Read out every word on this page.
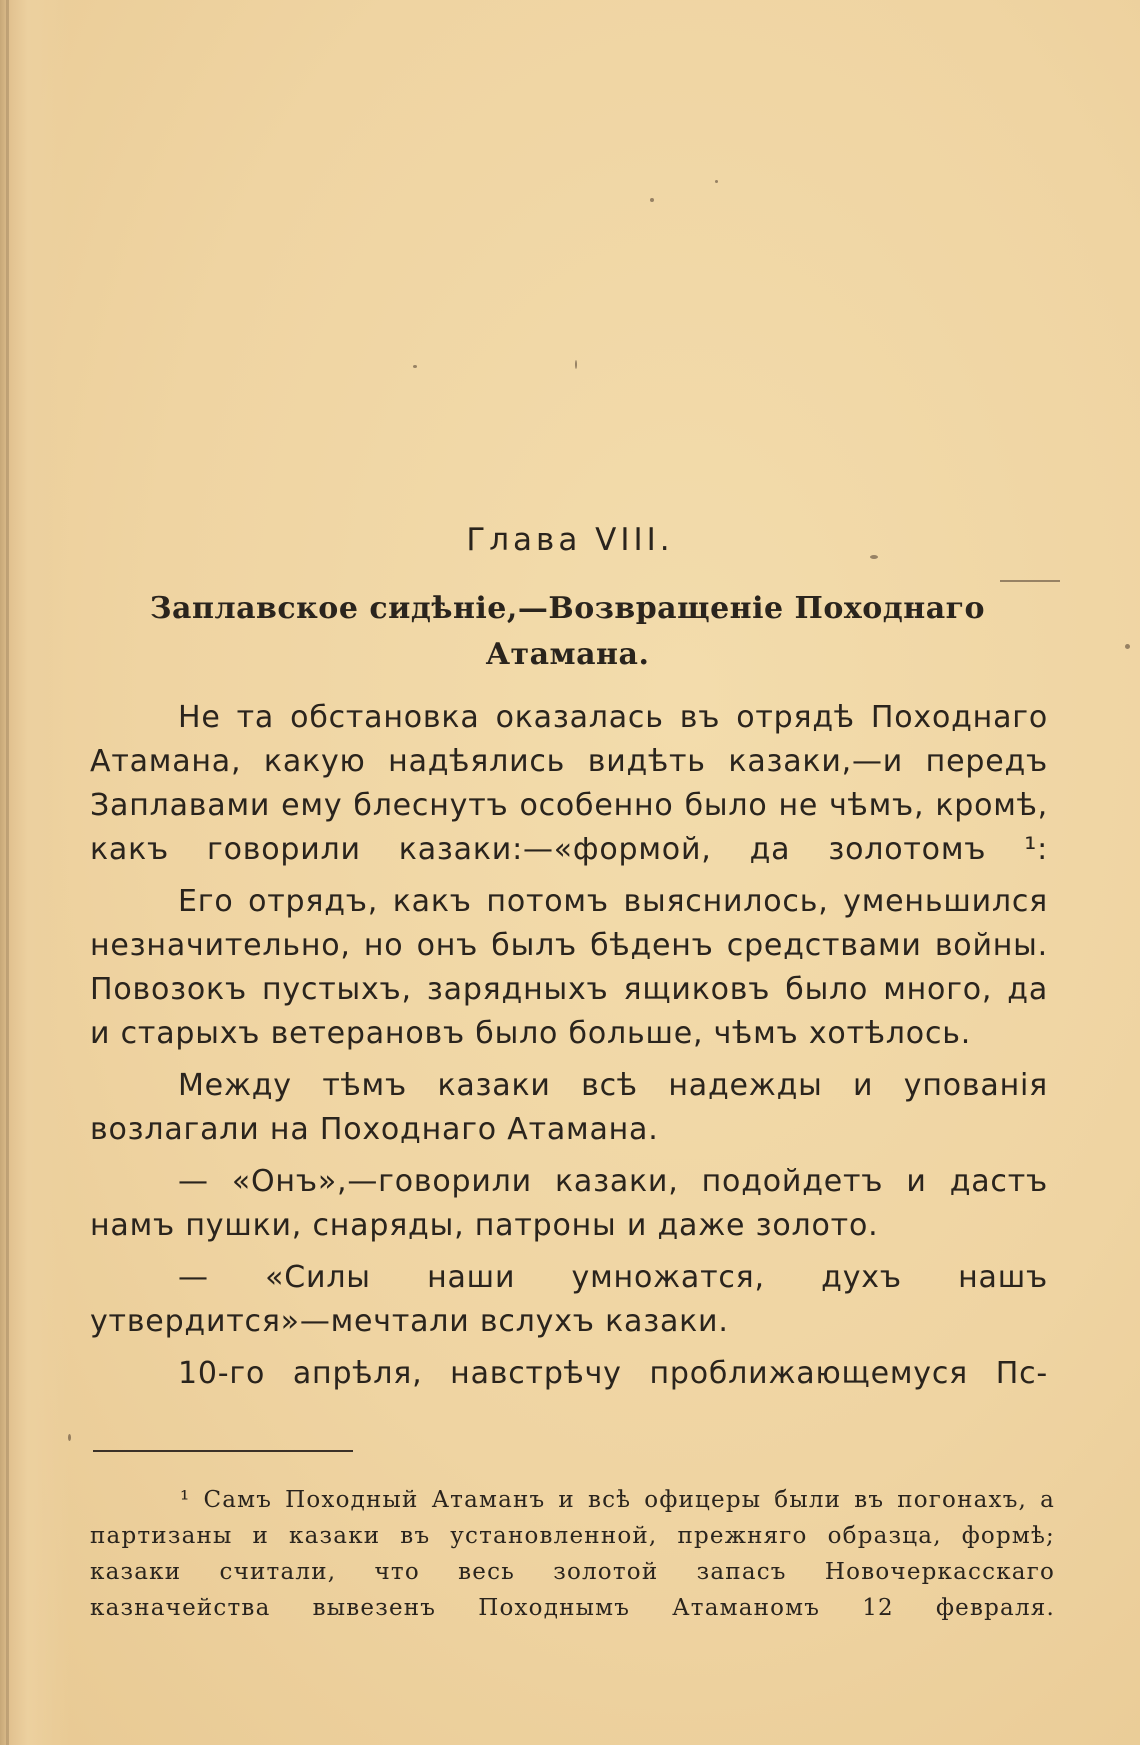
Глава VIII.
Заплавское сидѣніе,—Возвращеніе Походнаго Атамана.

Не та обстановка оказалась въ отрядѣ Походнаго Атамана, какую надѣялись видѣть казаки,—и передъ Заплавами ему блеснутъ особенно было не чѣмъ, кромѣ, какъ говорили казаки:—«формой, да золотомъ ¹:

Его отрядъ, какъ потомъ выяснилось, уменьшился незначительно, но онъ былъ бѣденъ средствами войны. Повозокъ пустыхъ, зарядныхъ ящиковъ было много, да и старыхъ ветерановъ было больше, чѣмъ хотѣлось.

Между тѣмъ казаки всѣ надежды и упованія возлагали на Походнаго Атамана.

— «Онъ»,—говорили казаки, подойдетъ и дастъ намъ пушки, снаряды, патроны и даже золото.

— «Силы наши умножатся, духъ нашъ утвердится»—мечтали вслухъ казаки.

10-го апрѣля, навстрѣчу проближающемуся Пс-

¹ Самъ Походный Атаманъ и всѣ офицеры были въ погонахъ, а партизаны и казаки въ установленной, прежняго образца, формѣ; казаки считали, что весь золотой запасъ Новочеркасскаго казначейства вывезенъ Походнымъ Атаманомъ 12 февраля.
